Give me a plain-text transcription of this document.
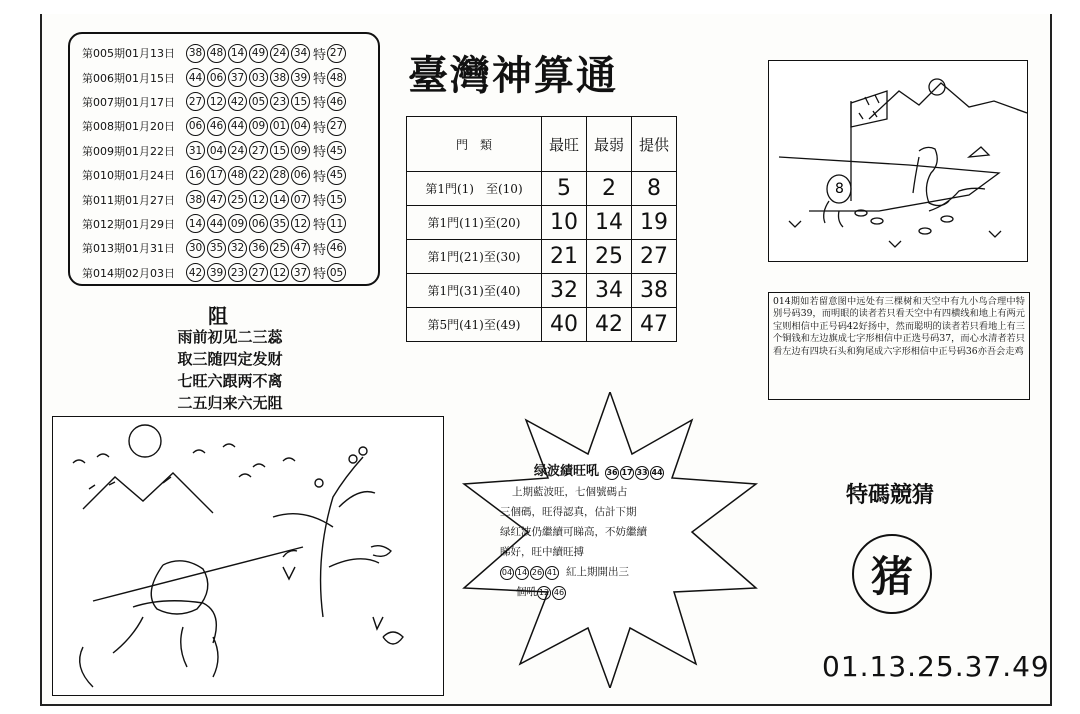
第005期01月13日	38 48 14 49 24 34 特 27
第006期01月15日	44 06 37 03 38 39 特 48
第007期01月17日	27 12 42 05 23 15 特 46
第008期01月20日	06 46 44 09 01 04 特 27
第009期01月22日	31 04 24 27 15 09 特 45
第010期01月24日	16 17 48 22 28 06 特 45
第011期01月27日	38 47 25 12 14 07 特 15
第012期01月29日	14 44 09 06 35 12 特 11
第013期01月31日	30 35 32 36 25 47 特 46
第014期02月03日	42 39 23 27 12 37 特 05
阻
雨前初见二三蕊
取三随四定发财
七旺六跟两不离
二五归来六无阻
臺灣神算通
門　類	最旺	最弱	提供
第1門(1)　至(10)	5	2	8
第1門(11)至(20)	10	14	19
第1門(21)至(30)	21	25	27
第1門(31)至(40)	32	34	38
第5門(41)至(49)	40	42	47
8
014期如若留意图中远处有三棵树和天空中有九小鸟合理中特别号码39，而明眼的读者若只看天空中有四横线和地上有两元宝则相信中正号码42好扬中，然而聪明的读者若只看地上有三个铜钱和左边旗成七字形相信中正选号码37，而心水清者若只看左边有四块石头和狗尾成六字形相信中正号码36亦吾会走鸡
绿波績旺吼 36 17 33 44
上期藍波旺，七個號碼占
三個碼，旺得認真，估計下期
绿红波仍繼續可睇高，不妨繼續
睇好，旺中續旺搏
04 14 26 41 紅上期開出三
個吼 12 46
特碼競猜
猪
01.13.25.37.49
